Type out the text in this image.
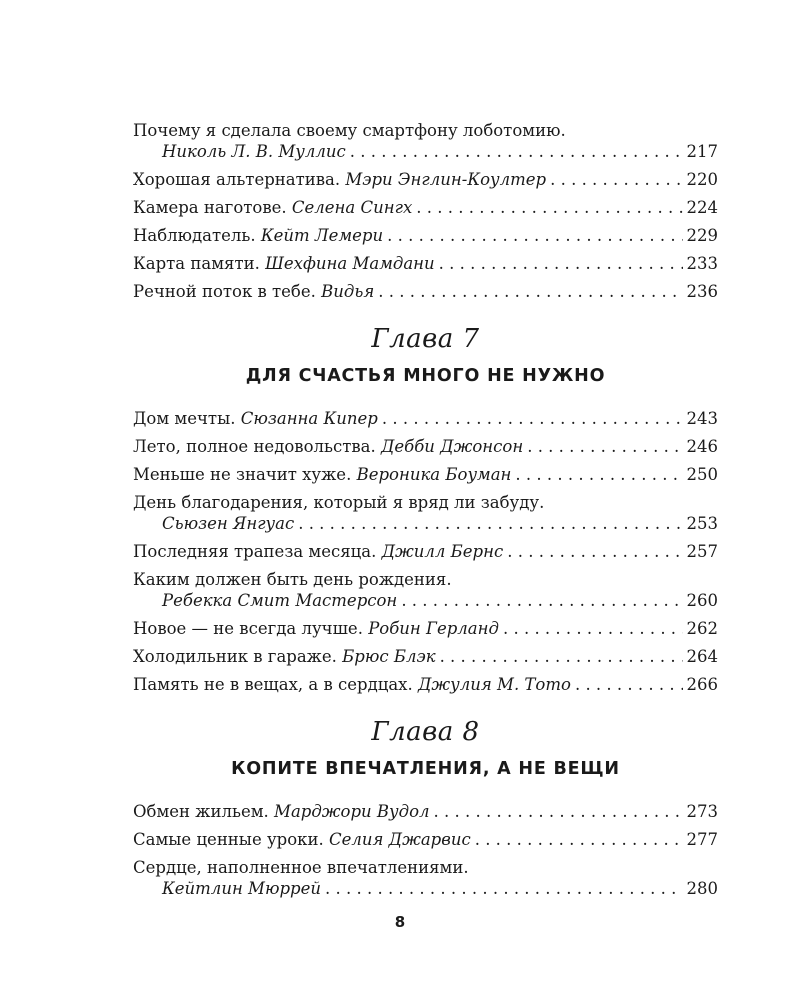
Почему я сделала своему смартфону лоботомию.
Николь Л. В. Муллис . . .	217
Хорошая альтернатива. Мэри Энглин-Коултер . . .	220
Камера наготове. Селена Сингх . . .	224
Наблюдатель. Кейт Лемери . . .	229
Карта памяти. Шехфина Мамдани . . .	233
Речной поток в тебе. Видья . . .	236
Глава 7
ДЛЯ СЧАСТЬЯ МНОГО НЕ НУЖНО
Дом мечты. Сюзанна Кипер . . .	243
Лето, полное недовольства. Дебби Джонсон . . .	246
Меньше не значит хуже. Вероника Боуман . . .	250
День благодарения, который я вряд ли забуду.
Сьюзен Янгуас . . .	253
Последняя трапеза месяца. Джилл Бернс . . .	257
Каким должен быть день рождения.
Ребекка Смит Мастерсон . . .	260
Новое — не всегда лучше. Робин Герланд . . .	262
Холодильник в гараже. Брюс Блэк . . .	264
Память не в вещах, а в сердцах. Джулия М. Тото . . .	266
Глава 8
КОПИТЕ ВПЕЧАТЛЕНИЯ, А НЕ ВЕЩИ
Обмен жильем. Марджори Вудол . . .	273
Самые ценные уроки. Селия Джарвис . . .	277
Сердце, наполненное впечатлениями.
Кейтлин Мюррей . . .	280
8
